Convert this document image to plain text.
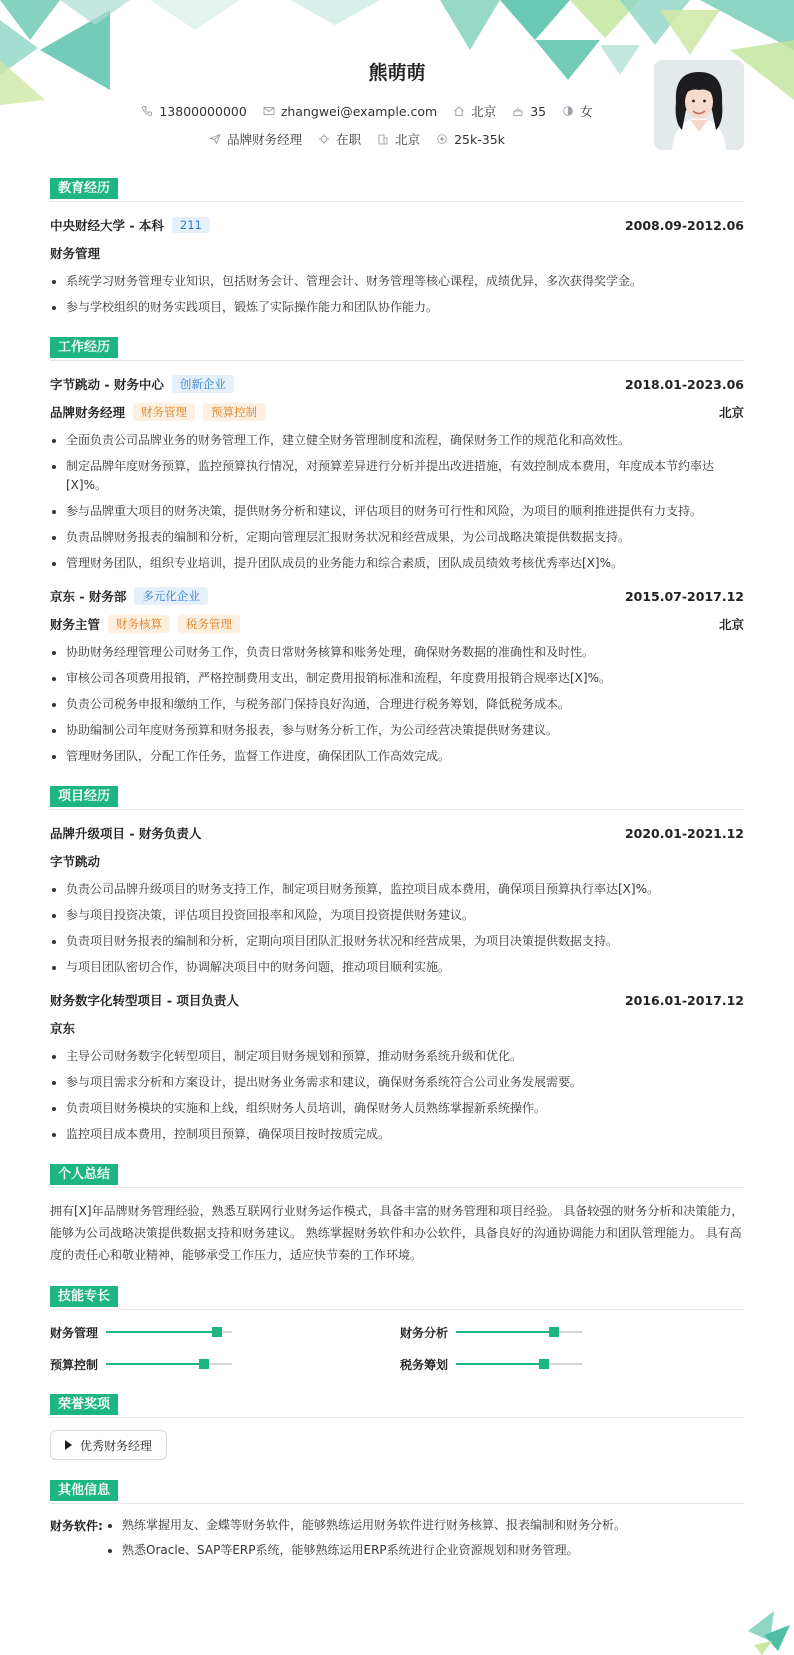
熊萌萌
13800000000	zhangwei@example.com	北京	35	女
品牌财务经理	在职	北京	25k-35k
教育经历
中央财经大学 - 本科	211	2008.09-2012.06
财务管理
系统学习财务管理专业知识，包括财务会计、管理会计、财务管理等核心课程，成绩优异，多次获得奖学金。
参与学校组织的财务实践项目，锻炼了实际操作能力和团队协作能力。
工作经历
字节跳动 - 财务中心	创新企业	2018.01-2023.06
品牌财务经理	财务管理	预算控制	北京
全面负责公司品牌业务的财务管理工作，建立健全财务管理制度和流程，确保财务工作的规范化和高效性。
制定品牌年度财务预算，监控预算执行情况，对预算差异进行分析并提出改进措施，有效控制成本费用，年度成本节约率达[X]%。
参与品牌重大项目的财务决策，提供财务分析和建议，评估项目的财务可行性和风险，为项目的顺利推进提供有力支持。
负责品牌财务报表的编制和分析，定期向管理层汇报财务状况和经营成果，为公司战略决策提供数据支持。
管理财务团队，组织专业培训，提升团队成员的业务能力和综合素质，团队成员绩效考核优秀率达[X]%。
京东 - 财务部	多元化企业	2015.07-2017.12
财务主管	财务核算	税务管理	北京
协助财务经理管理公司财务工作，负责日常财务核算和账务处理，确保财务数据的准确性和及时性。
审核公司各项费用报销，严格控制费用支出，制定费用报销标准和流程，年度费用报销合规率达[X]%。
负责公司税务申报和缴纳工作，与税务部门保持良好沟通，合理进行税务筹划，降低税务成本。
协助编制公司年度财务预算和财务报表，参与财务分析工作，为公司经营决策提供财务建议。
管理财务团队，分配工作任务，监督工作进度，确保团队工作高效完成。
项目经历
品牌升级项目 - 财务负责人	2020.01-2021.12
字节跳动
负责公司品牌升级项目的财务支持工作，制定项目财务预算，监控项目成本费用，确保项目预算执行率达[X]%。
参与项目投资决策，评估项目投资回报率和风险，为项目投资提供财务建议。
负责项目财务报表的编制和分析，定期向项目团队汇报财务状况和经营成果，为项目决策提供数据支持。
与项目团队密切合作，协调解决项目中的财务问题，推动项目顺利实施。
财务数字化转型项目 - 项目负责人	2016.01-2017.12
京东
主导公司财务数字化转型项目，制定项目财务规划和预算，推动财务系统升级和优化。
参与项目需求分析和方案设计，提出财务业务需求和建议，确保财务系统符合公司业务发展需要。
负责项目财务模块的实施和上线，组织财务人员培训，确保财务人员熟练掌握新系统操作。
监控项目成本费用，控制项目预算，确保项目按时按质完成。
个人总结
拥有[X]年品牌财务管理经验，熟悉互联网行业财务运作模式，具备丰富的财务管理和项目经验。 具备较强的财务分析和决策能力，能够为公司战略决策提供数据支持和财务建议。 熟练掌握财务软件和办公软件，具备良好的沟通协调能力和团队管理能力。 具有高度的责任心和敬业精神，能够承受工作压力，适应快节奏的工作环境。
技能专长
财务管理	财务分析
预算控制	税务筹划
荣誉奖项
优秀财务经理
其他信息
财务软件:	熟练掌握用友、金蝶等财务软件，能够熟练运用财务软件进行财务核算、报表编制和财务分析。
熟悉Oracle、SAP等ERP系统，能够熟练运用ERP系统进行企业资源规划和财务管理。
